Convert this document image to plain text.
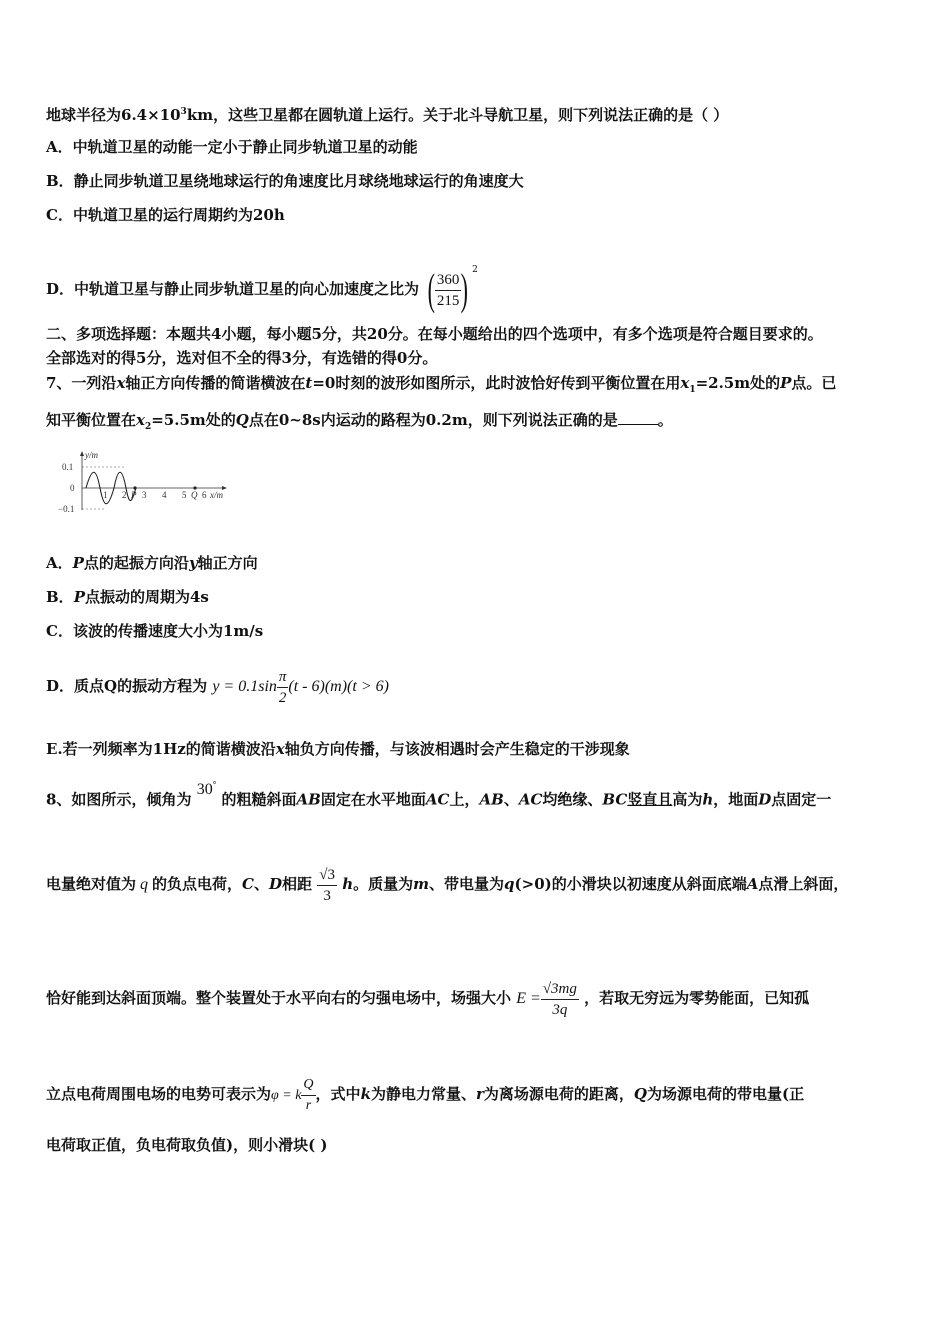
地球半径为$6.4\times 10^3km$，这些卫星都在圆轨道上运行。关于北斗导航卫星，则下列说法正确的是（ ）
A．中轨道卫星的动能一定小于静止同步轨道卫星的动能
B．静止同步轨道卫星绕地球运行的角速度比月球绕地球运行的角速度大
C．中轨道卫星的运行周期约为20h
D．中轨道卫星与静止同步轨道卫星的向心加速度之比为 ( $\frac{360}{215}$ ) $^2$
二、多项选择题：本题共4小题，每小题5分，共20分。在每小题给出的四个选项中，有多个选项是符合题目要求的。
全部选对的得5分，选对但不全的得3分，有选错的得0分。
7、一列沿x轴正方向传播的简谐横波在t=0时刻的波形如图所示，此时波恰好传到平衡位置在用$x_1=2.5m$处的P点。已
知平衡位置在$x_2=5.5m$处的Q点在0~8s内运动的路程为0.2m，则下列说法正确的是	。
y/m
0.1
0
−0.1
1 2 P 3 4 5 Q 6 x/m
A．P点的起振方向沿y轴正方向
B．P点振动的周期为4s
C．该波的传播速度大小为1m/s
D．质点Q的振动方程为 $y = 0.1\sin \frac{\pi}{2} (t - 6)(m)(t > 6)$
E.若一列频率为1Hz的简谐横波沿x轴负方向传播，与该波相遇时会产生稳定的干涉现象
8、如图所示，倾角为 30° 的粗糙斜面AB固定在水平地面AC上，AB、AC均绝缘、BC竖直且高为h，地面D点固定一
电量绝对值为 q 的负点电荷，C、D相距 $\frac{√3}{3}$ h。质量为m、带电量为q(>0)的小滑块以初速度从斜面底端A点滑上斜面，
恰好能到达斜面顶端。整个装置处于水平向右的匀强电场中，场强大小 $E = \frac{√3mg}{3q}$ ，若取无穷远为零势能面，已知孤
立点电荷周围电场的电势可表示为φ = k $\frac{Q}{r}$ ，式中k为静电力常量、r为离场源电荷的距离，Q为场源电荷的带电量(正
电荷取正值，负电荷取负值)，则小滑块( )
